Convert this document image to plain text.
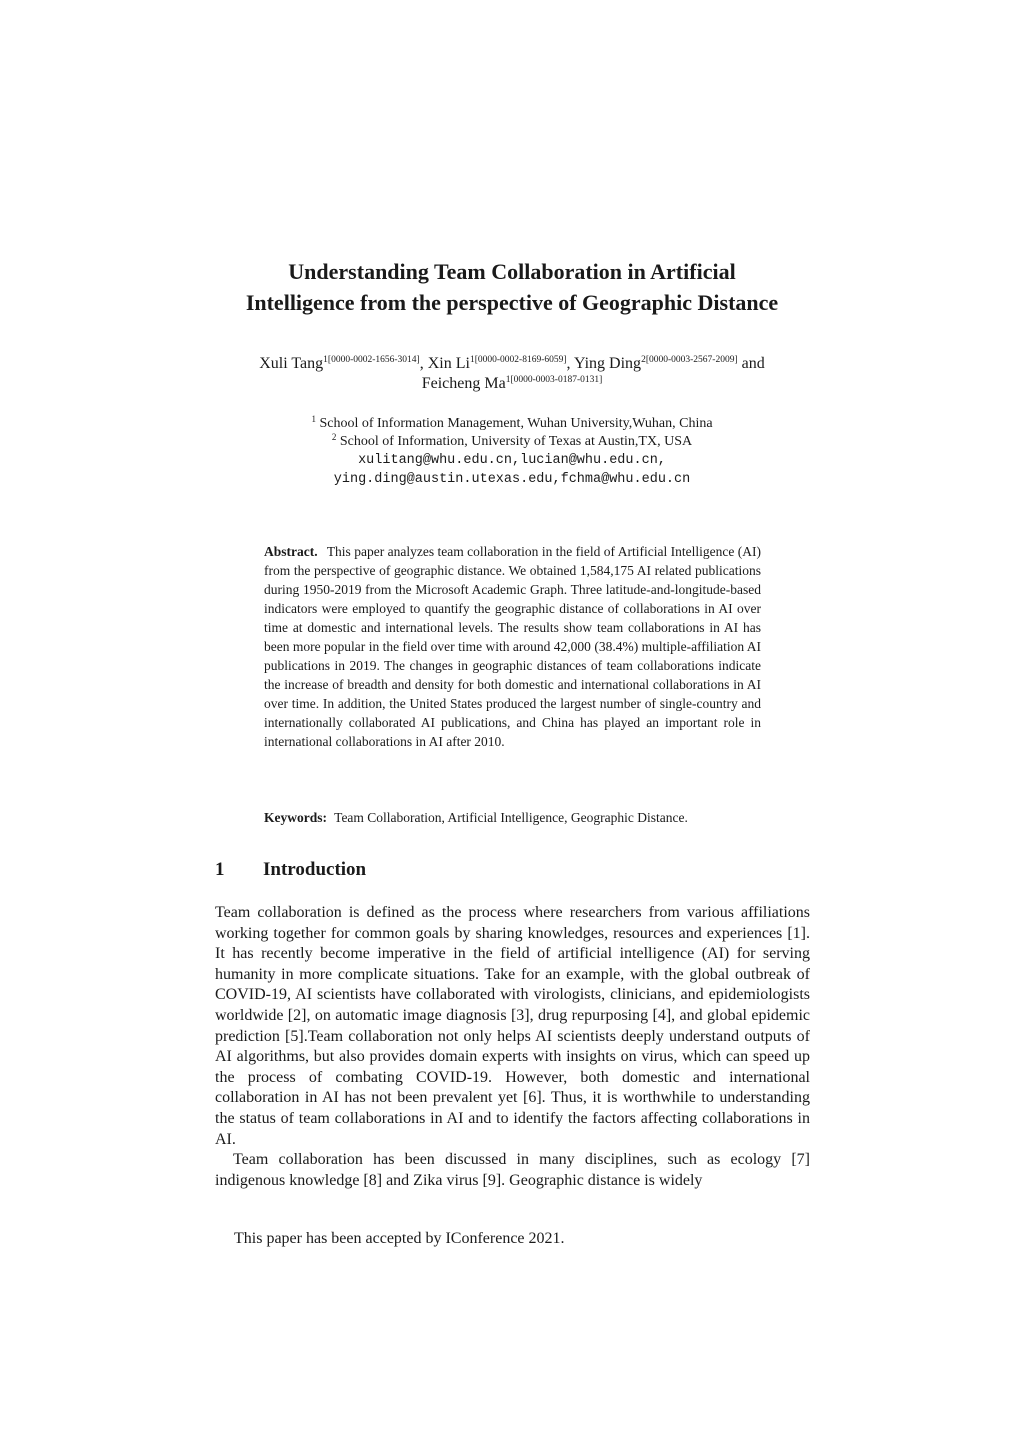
Understanding Team Collaboration in Artificial
Intelligence from the perspective of Geographic Distance
Xuli Tang$^{1[0000-0002-1656-3014]}$, Xin $Li^{1[0000-0002-8169-6059]}$, Ying Ding$^{2[0000-0003-2567-2009]}$ and
Feicheng $Ma^{1[0000-0003-0187-0131]}$
$^1$ School of Information Management, Wuhan University,Wuhan, China
$^2$ School of Information, University of Texas at Austin,TX, USA
xulitang@whu.edu.cn,lucian@whu.edu.cn,
ying.ding@austin.utexas.edu,fchma@whu.edu.cn

Abstract. This paper analyzes team collaboration in the field of Artificial Intelligence (AI) from the perspective of geographic distance. We obtained 1,584,175 AI related publications during 1950-2019 from the Microsoft Academic Graph. Three latitude-and-longitude-based indicators were employed to quantify the geographic distance of collaborations in AI over time at domestic and international levels. The results show team collaborations in AI has been more popular in the field over time with around 42,000 (38.4%) multiple-affiliation AI publications in 2019. The changes in geographic distances of team collaborations indicate the increase of breadth and density for both domestic and international collaborations in AI over time. In addition, the United States produced the largest number of single-country and internationally collaborated AI publications, and China has played an important role in international collaborations in AI after 2010.

Keywords: Team Collaboration, Artificial Intelligence, Geographic Distance.

1 Introduction

Team collaboration is defined as the process where researchers from various affiliations working together for common goals by sharing knowledges, resources and experiences [1]. It has recently become imperative in the field of artificial intelligence (AI) for serving humanity in more complicate situations. Take for an example, with the global outbreak of COVID-19, AI scientists have collaborated with virologists, clinicians, and epidemiologists worldwide [2], on automatic image diagnosis [3], drug repurposing [4], and global epidemic prediction [5].Team collaboration not only helps AI scientists deeply understand outputs of AI algorithms, but also provides domain experts with insights on virus, which can speed up the process of combating COVID-19. However, both domestic and international collaboration in AI has not been prevalent yet [6]. Thus, it is worthwhile to understanding the status of team collaborations in AI and to identify the factors affecting collaborations in AI.

Team collaboration has been discussed in many disciplines, such as ecology [7] indigenous knowledge [8] and Zika virus [9]. Geographic distance is widely

This paper has been accepted by IConference 2021.
